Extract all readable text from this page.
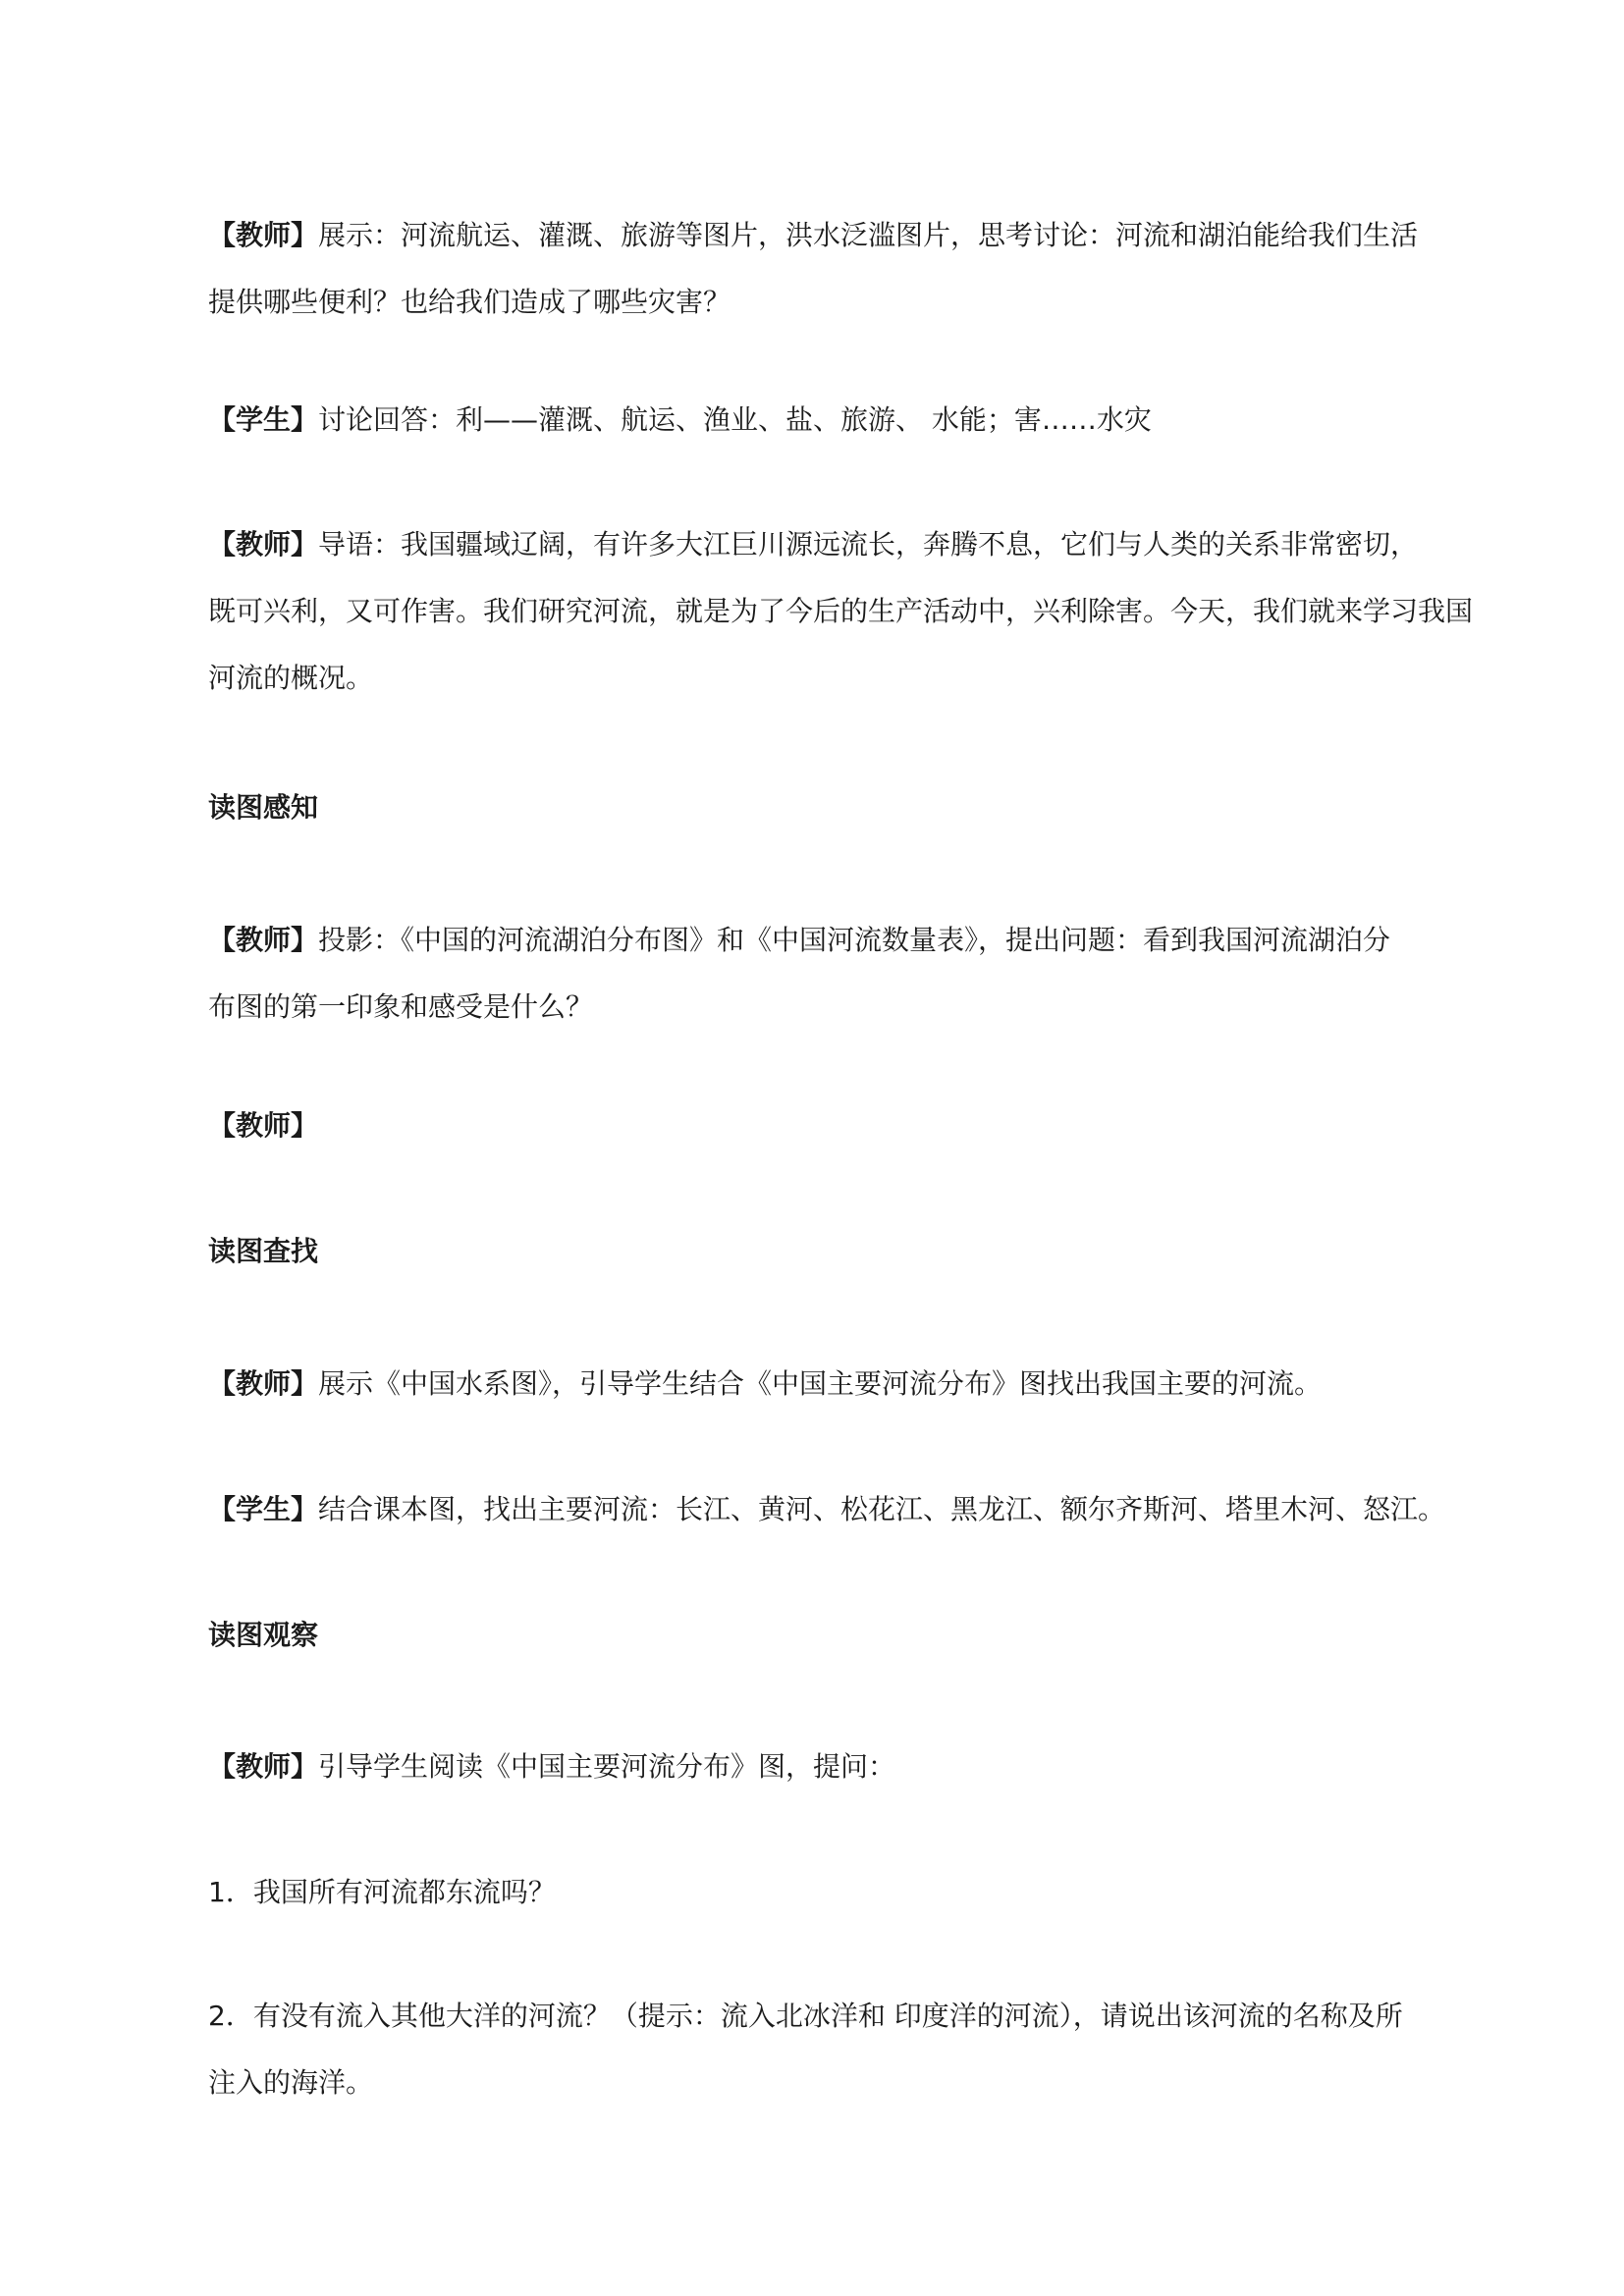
【教师】展示：河流航运、灌溉、旅游等图片，洪水泛滥图片，思考讨论：河流和湖泊能给我们生活
提供哪些便利？也给我们造成了哪些灾害？

【学生】讨论回答：利——灌溉、航运、渔业、盐、旅游、 水能；害……水灾

【教师】导语：我国疆域辽阔，有许多大江巨川源远流长，奔腾不息，它们与人类的关系非常密切，
既可兴利，又可作害。我们研究河流，就是为了今后的生产活动中，兴利除害。今天，我们就来学习我国
河流的概况。

读图感知

【教师】投影：《中国的河流湖泊分布图》和《中国河流数量表》，提出问题：看到我国河流湖泊分
布图的第一印象和感受是什么？

【教师】

读图查找

【教师】展示《中国水系图》，引导学生结合《中国主要河流分布》图找出我国主要的河流。

【学生】结合课本图，找出主要河流：长江、黄河、松花江、黑龙江、额尔齐斯河、塔里木河、怒江。

读图观察

【教师】引导学生阅读《中国主要河流分布》图，提问：

1．我国所有河流都东流吗？

2．有没有流入其他大洋的河流？（提示：流入北冰洋和 印度洋的河流），请说出该河流的名称及所
注入的海洋。
